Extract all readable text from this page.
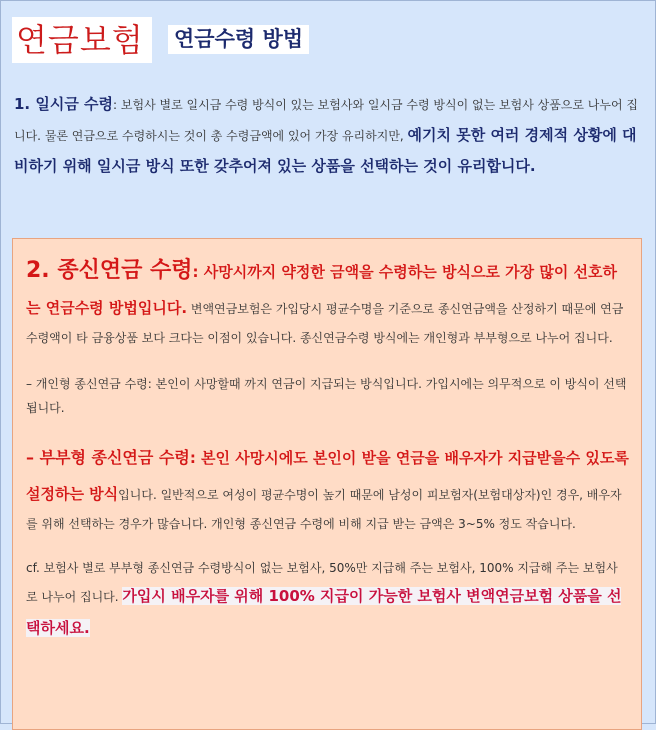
연금보험	연금수령 방법
1. 일시금 수령: 보험사 별로 일시금 수령 방식이 있는 보험사와 일시금 수령 방식이 없는 보험사 상품으로 나누어 집니다. 물론 연금으로 수령하시는 것이 총 수령금액에 있어 가장 유리하지만, 예기치 못한 여러 경제적 상황에 대비하기 위해 일시금 방식 또한 갖추어져 있는 상품을 선택하는 것이 유리합니다.

2. 종신연금 수령: 사망시까지 약정한 금액을 수령하는 방식으로 가장 많이 선호하는 연금수령 방법입니다. 변액연금보험은 가입당시 평균수명을 기준으로 종신연금액을 산정하기 때문에 연금수령액이 타 금융상품 보다 크다는 이점이 있습니다. 종신연금수령 방식에는 개인형과 부부형으로 나누어 집니다.

– 개인형 종신연금 수령: 본인이 사망할때 까지 연금이 지급되는 방식입니다. 가입시에는 의무적으로 이 방식이 선택됩니다.

– 부부형 종신연금 수령: 본인 사망시에도 본인이 받을 연금을 배우자가 지급받을수 있도록 설정하는 방식입니다. 일반적으로 여성이 평균수명이 높기 때문에 남성이 피보험자(보험대상자)인 경우, 배우자를 위해 선택하는 경우가 많습니다. 개인형 종신연금 수령에 비해 지급 받는 금액은 3~5% 정도 작습니다.

cf. 보험사 별로 부부형 종신연금 수령방식이 없는 보험사, 50%만 지급해 주는 보험사, 100% 지급해 주는 보험사로 나누어 집니다. 가입시 배우자를 위해 100% 지급이 가능한 보험사 변액연금보험 상품을 선택하세요.
